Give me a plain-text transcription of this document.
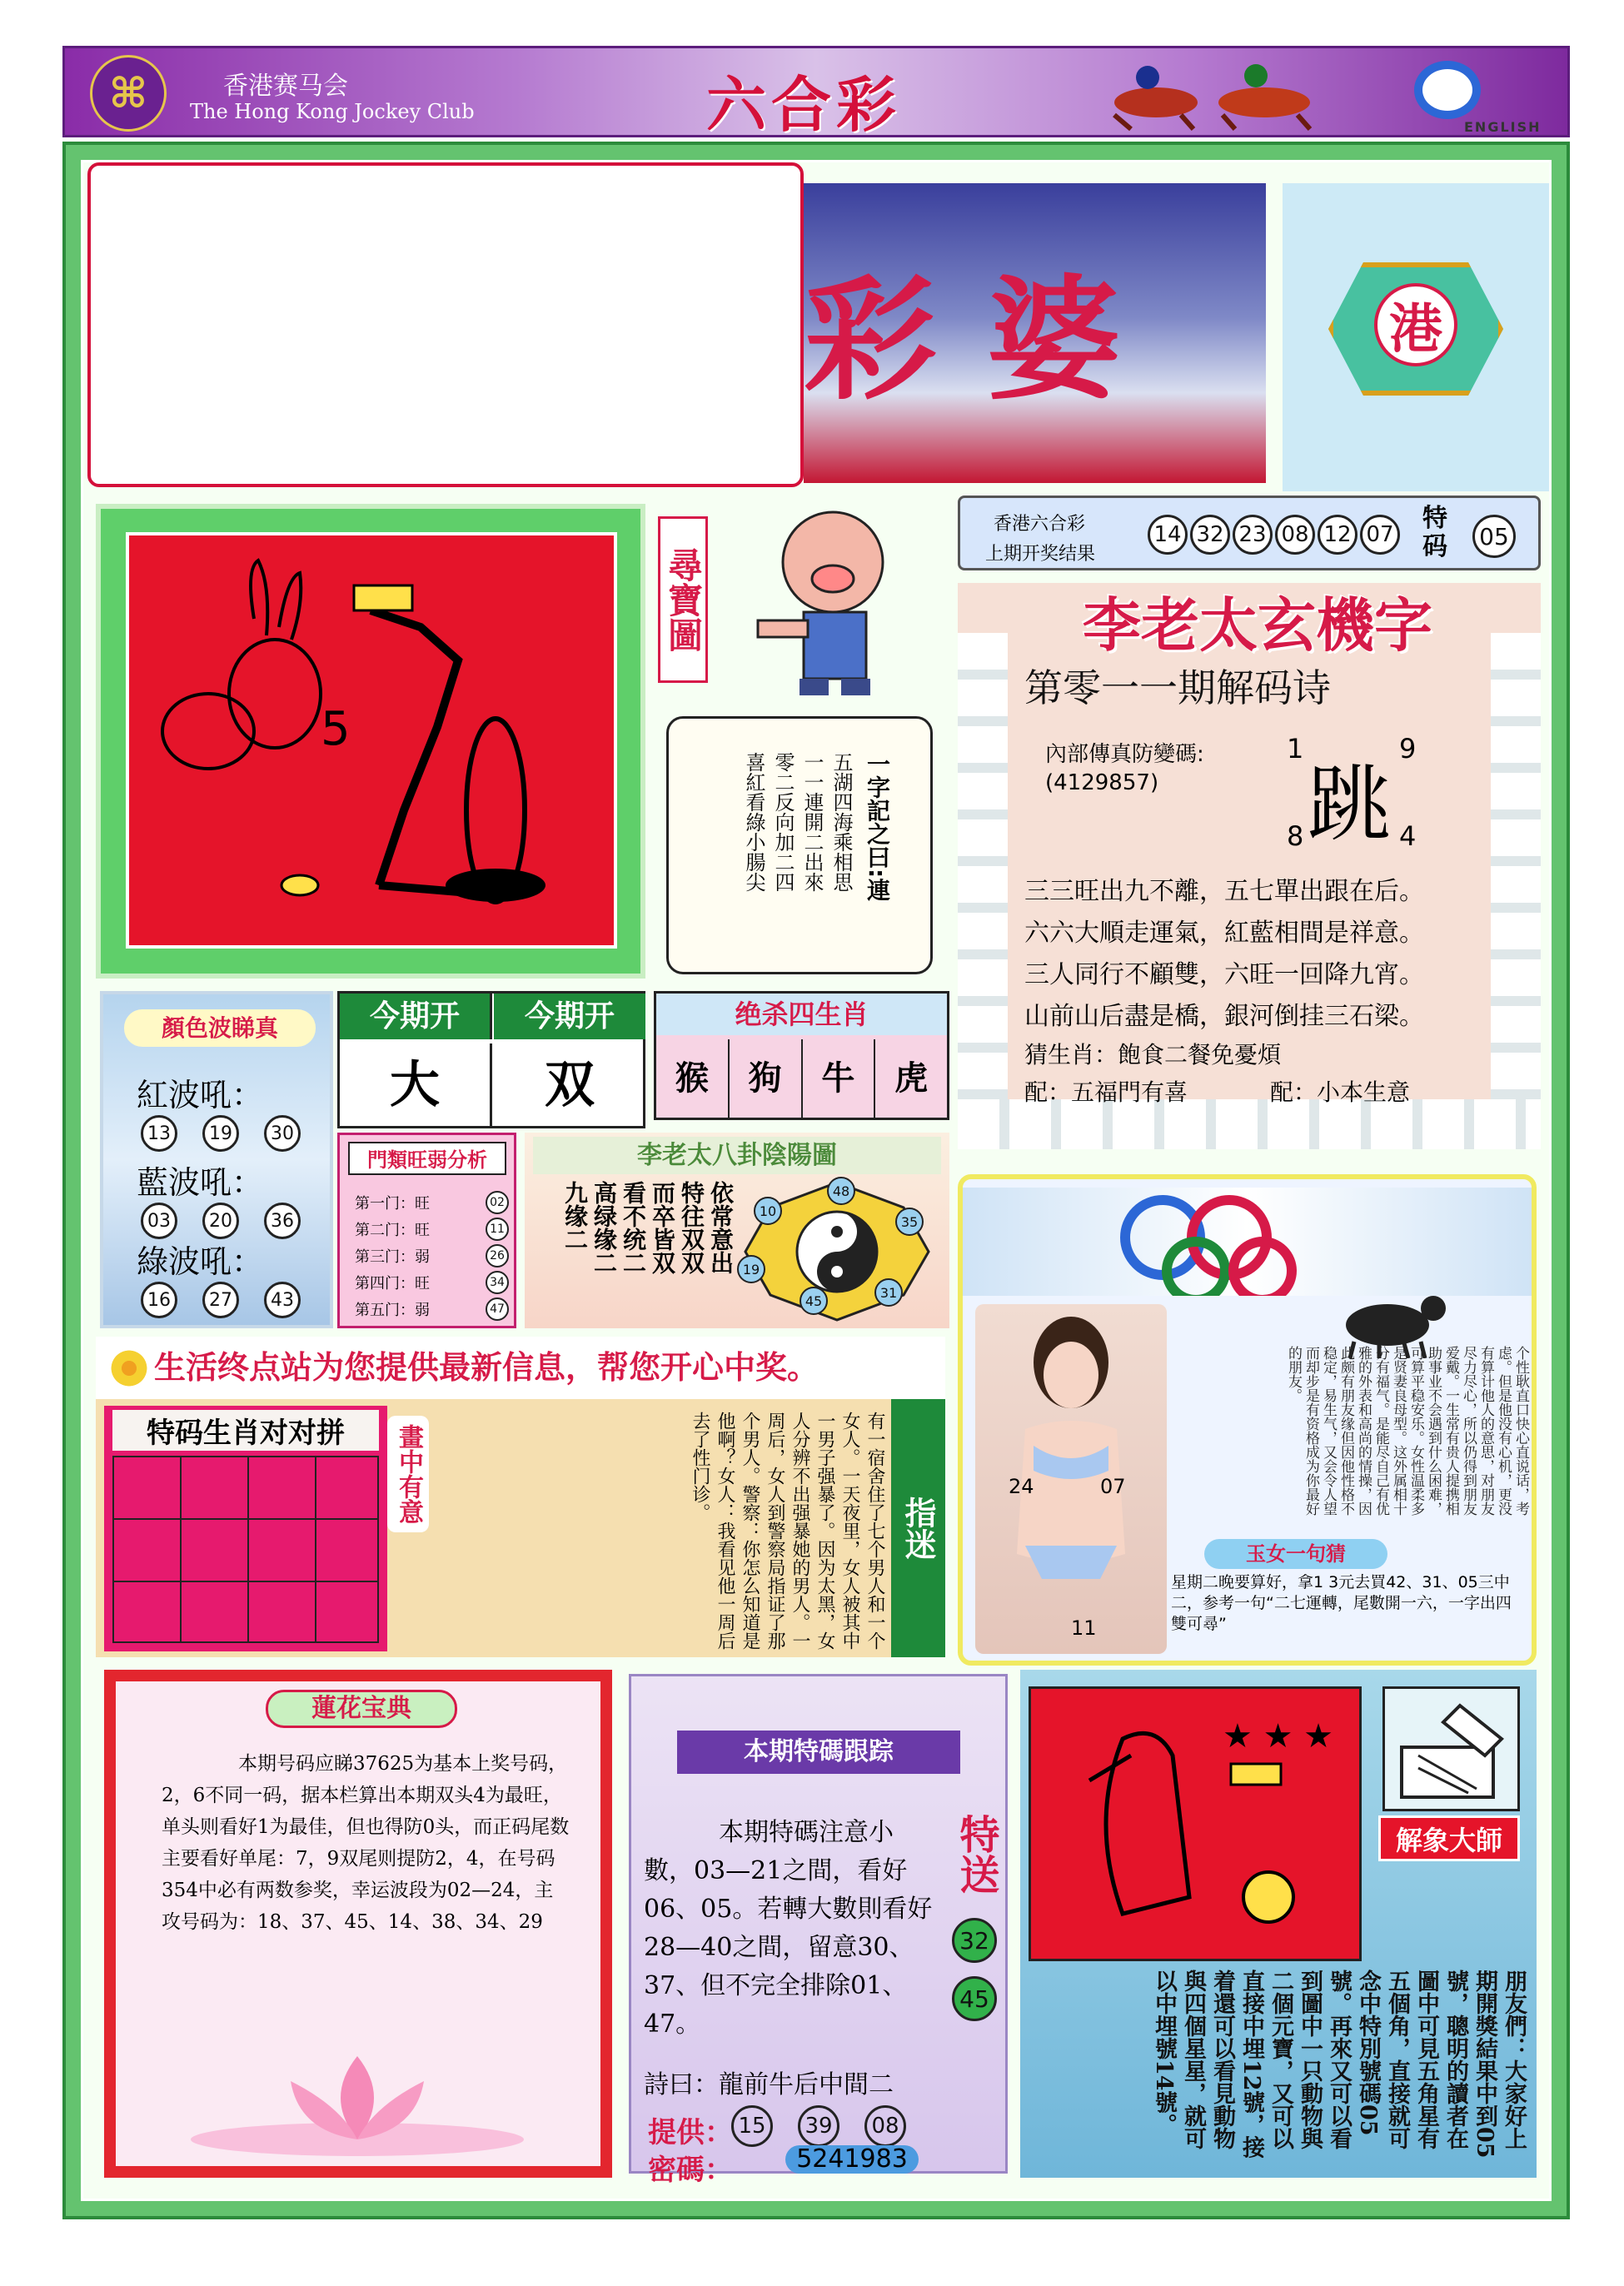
⌘	香港赛马会
The Hong Kong Jockey Club	六合彩	ENGLISH
彩婆	港
5
尋寶圖
一字記之曰:連
五湖四海乘相思
一一連開二出來
零二反向加二四
喜紅看綠小腸尖
香港六合彩
上期开奖结果
14 32 23 08 12 07
特码	05
李老太玄機字
第零一一期解码诗
內部傳真防變碼:
(4129857)
1
跳
9
8	4
三三旺出九不離，五七單出跟在后。
六六大順走運氣，紅藍相間是祥意。
三人同行不顧雙，六旺一回降九宵。
山前山后盡是橋，銀河倒挂三石梁。
猜生肖：飽食二餐免憂煩
配：五福門有喜	配：小本生意
顏色波睇真
紅波吼：
13	19	30
藍波吼：
03	20	36
綠波吼：
16	27	43
今期开	今期开
大	双
绝杀四生肖
猴	狗	牛	虎
門類旺弱分析
第一门：旺	02
第二门：旺	11
第三门：弱	26
第四门：旺	34
第五门：弱	47
李老太八卦陰陽圖
依常意出
特往双双
而卒皆双
看不统二
高绿缘二
九缘二	48
10
35
19
31
45
24	07
11
个性耿直口快心直说话，考虑。但是他没有心机，更没有算计他人的意思，对朋友尽力尽心，所以仍得到朋友爱戴。一生常有贵人提携相助事业不会遇到什么困难，可算平稳安乐。女性温柔多是贤妻良母型。这外属相十分有福气。是能尽自己有优雅的外表和高尚的情操，因此颇有朋友缘但因他性格不稳定，易生气，又会令人望而却步是有资格成为你最好的朋友。
玉女一句猜
星期二晚要算好，拿1 3元去買42、31、05三中二，参考一句“二七運轉，尾數開一六，一字出四雙可尋”
生活终点站为您提供最新信息，帮您开心中奖。
特码生肖对对拼	畫中有意	有一宿舍住了七个男人和一个女人。一天夜里，女人被其中一男子强暴了。因为太黑，女人分辨不出强暴她的男人。一周后，女人到警察局指证了那个男人。警察：你怎么知道是他啊？女人：我看见他一周后去了性门诊。
指迷
蓮花宝典
本期号码应睇37625为基本上奖号码，2，6不同一码，据本栏算出本期双头4为最旺，单头则看好1为最佳，但也得防0头，而正码尾数主要看好单尾：7，9双尾则提防2，4，在号码354中必有两数参奖，幸运波段为02—24，主攻号码为：18、37、45、14、38、34、29
本期特碼跟踪
本期特碼注意小數，03—21之間，看好06、05。若轉大數則看好28—40之間，留意30、37、但不完全排除01、47。
特送
32
45
詩曰：龍前牛后中間二
提供： 15	39	08
密碼：	5241983
★ ★ ★
解象大師
朋友們：大家好上期開獎結果中到05號，聰明的讀者在圖中可見五角星有五個角，直接就可念中特別號碼05號。再來又可以看到圖中一只動物與二個元寶，又可以直接中埋12號，接着還可以看見動物與四個星星，就可以中埋號14號。
